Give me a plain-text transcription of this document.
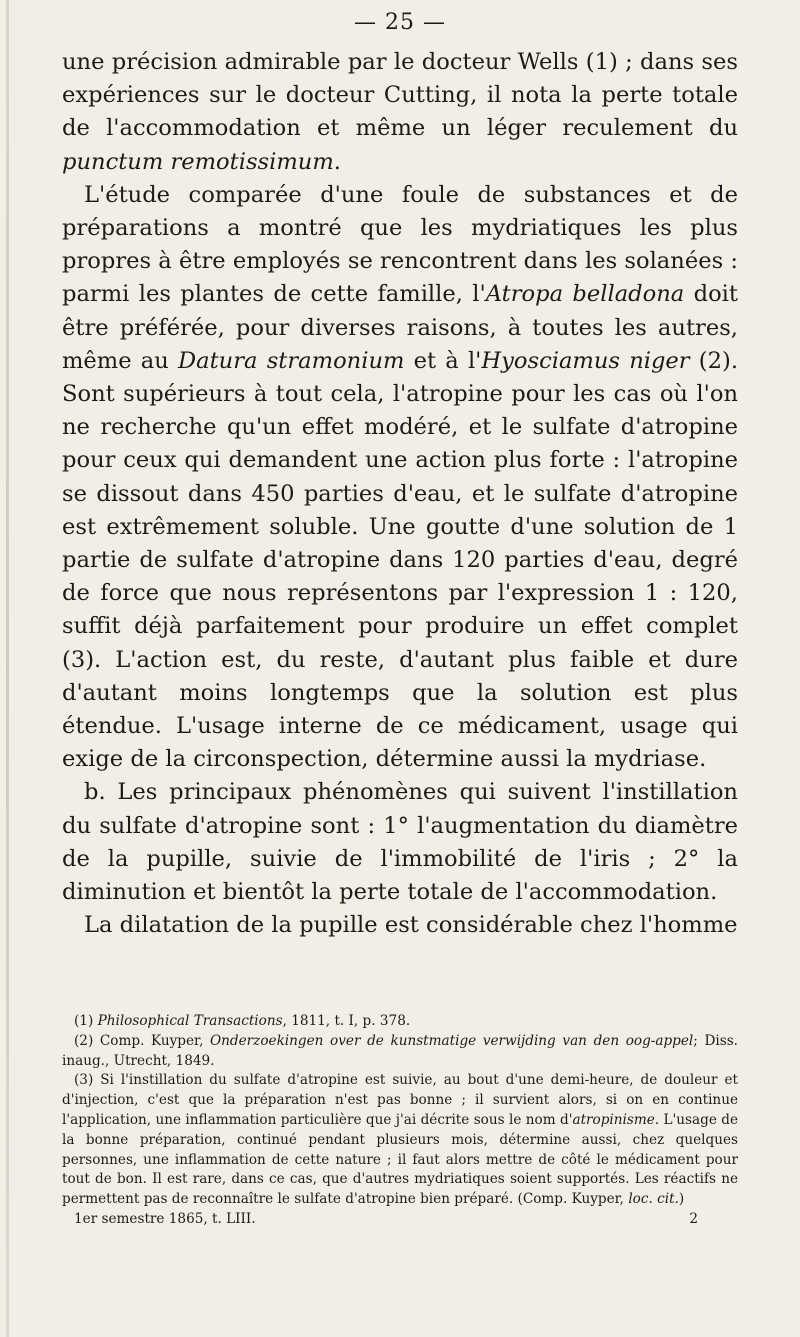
— 25 —

une précision admirable par le docteur Wells (1) ; dans ses expériences sur le docteur Cutting, il nota la perte totale de l'accommodation et même un léger reculement du punctum remotissimum.

L'étude comparée d'une foule de substances et de préparations a montré que les mydriatiques les plus propres à être employés se rencontrent dans les solanées : parmi les plantes de cette famille, l'Atropa belladona doit être préférée, pour diverses raisons, à toutes les autres, même au Datura stramonium et à l'Hyosciamus niger (2). Sont supérieurs à tout cela, l'atropine pour les cas où l'on ne recherche qu'un effet modéré, et le sulfate d'atropine pour ceux qui demandent une action plus forte : l'atropine se dissout dans 450 parties d'eau, et le sulfate d'atropine est extrêmement soluble. Une goutte d'une solution de 1 partie de sulfate d'atropine dans 120 parties d'eau, degré de force que nous représentons par l'expression 1 : 120, suffit déjà parfaitement pour produire un effet complet (3). L'action est, du reste, d'autant plus faible et dure d'autant moins longtemps que la solution est plus étendue. L'usage interne de ce médicament, usage qui exige de la circonspection, détermine aussi la mydriase.

b. Les principaux phénomènes qui suivent l'instillation du sulfate d'atropine sont : 1° l'augmentation du diamètre de la pupille, suivie de l'immobilité de l'iris ; 2° la diminution et bientôt la perte totale de l'accommodation.

La dilatation de la pupille est considérable chez l'homme

(1) Philosophical Transactions, 1811, t. I, p. 378.

(2) Comp. Kuyper, Onderzoekingen over de kunstmatige verwijding van den oog-appel; Diss. inaug., Utrecht, 1849.

(3) Si l'instillation du sulfate d'atropine est suivie, au bout d'une demi-heure, de douleur et d'injection, c'est que la préparation n'est pas bonne ; il survient alors, si on en continue l'application, une inflammation particulière que j'ai décrite sous le nom d'atropinisme. L'usage de la bonne préparation, continué pendant plusieurs mois, détermine aussi, chez quelques personnes, une inflammation de cette nature ; il faut alors mettre de côté le médicament pour tout de bon. Il est rare, dans ce cas, que d'autres mydriatiques soient supportés. Les réactifs ne permettent pas de reconnaître le sulfate d'atropine bien préparé. (Comp. Kuyper, loc. cit.)

1er semestre 1865, t. LIII.	2
